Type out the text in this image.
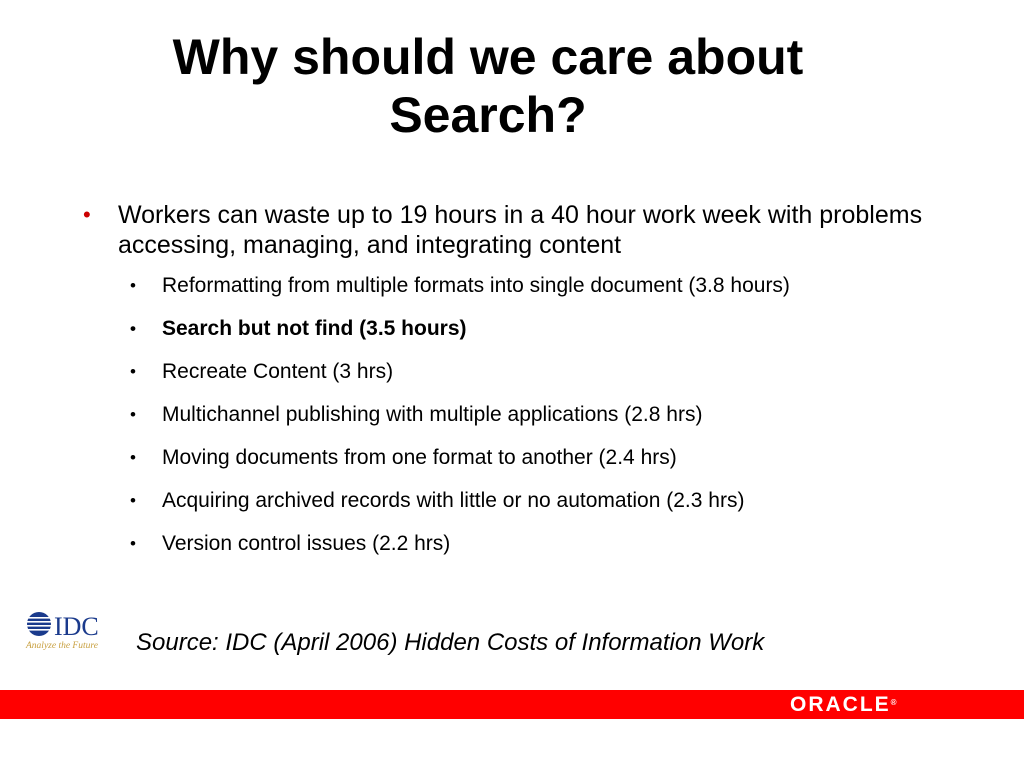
Why should we care about
Search?
• Workers can waste up to 19 hours in a 40 hour work week with problems accessing, managing, and integrating content
• Reformatting from multiple formats into single document (3.8 hours)
• Search but not find (3.5 hours)
• Recreate Content (3 hrs)
• Multichannel publishing with multiple applications (2.8 hrs)
• Moving documents from one format to another (2.4 hrs)
• Acquiring archived records with little or no automation (2.3 hrs)
• Version control issues (2.2 hrs)
IDC
Analyze the Future Source: IDC (April 2006) Hidden Costs of Information Work
ORACLE®
